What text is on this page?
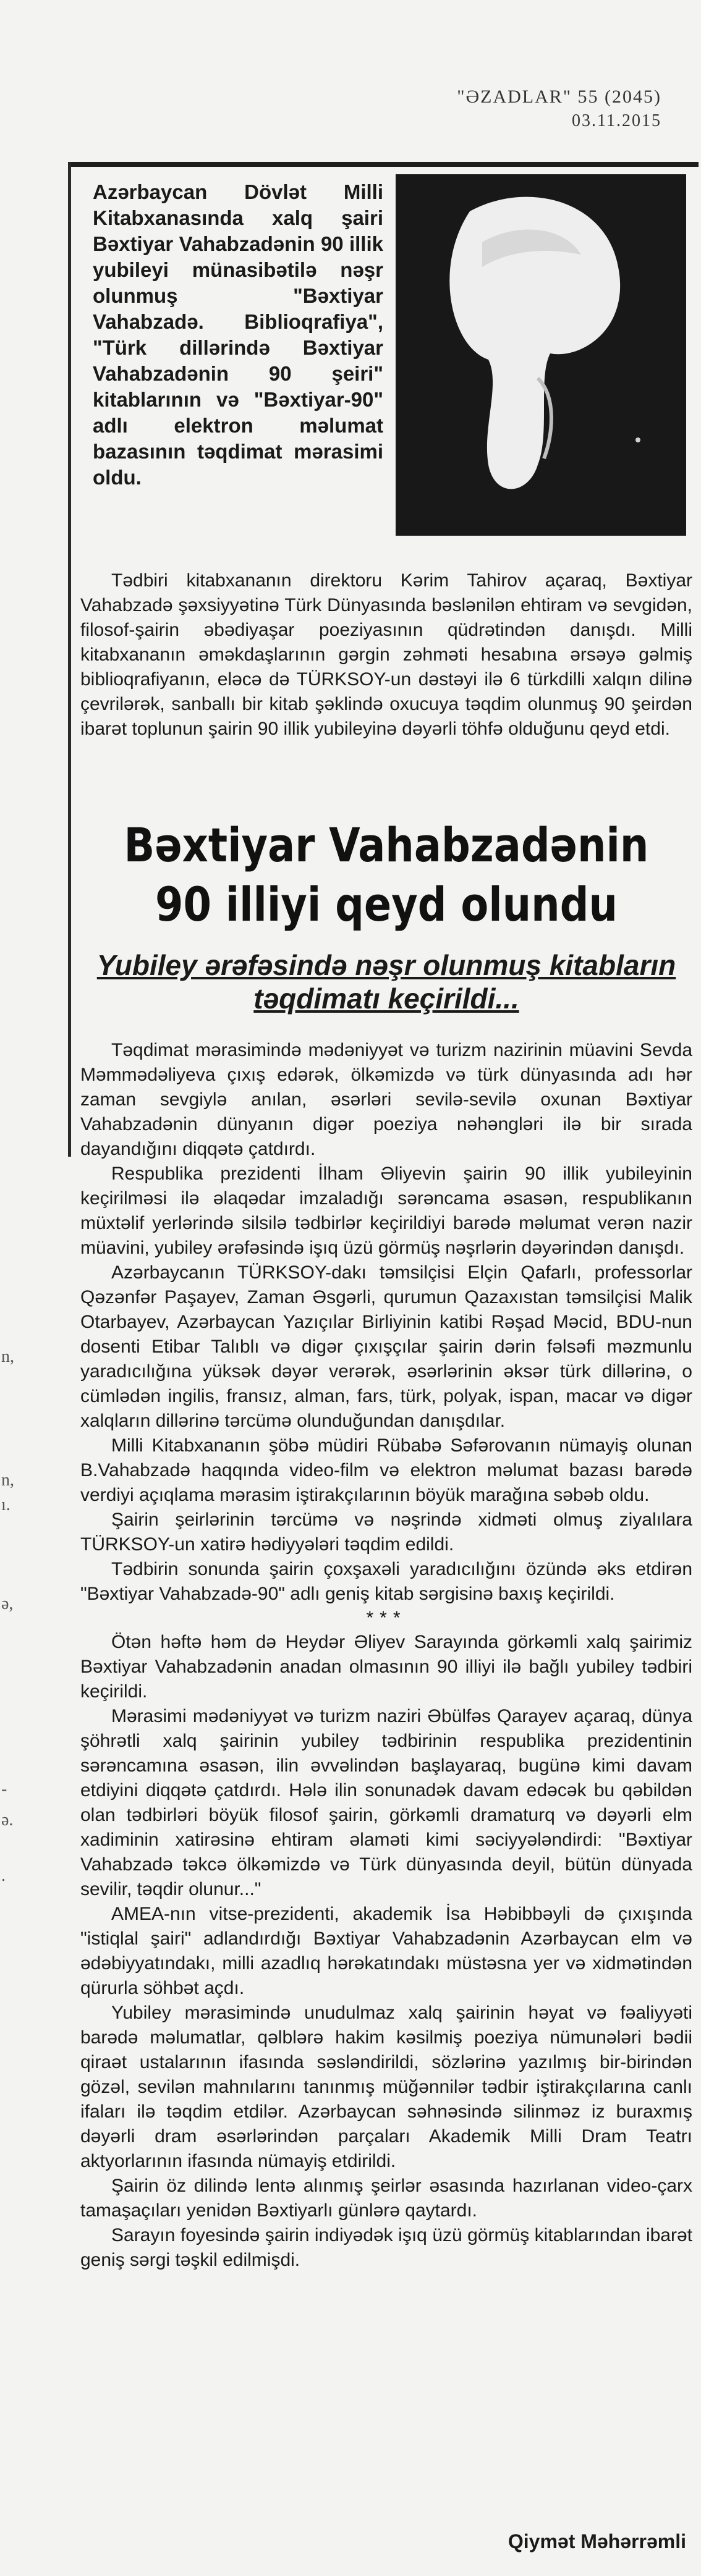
"ӘZADLAR" 55 (2045)
03.11.2015
Azərbaycan Dövlət Milli Kitabxanasında xalq şairi Bəxtiyar Vahabzadənin 90 illik yubileyi münasibətilə nəşr olunmuş "Bəxtiyar Vahabzadə. Biblioqrafiya", "Türk dillərində Bəxtiyar Vahabzadənin 90 şeiri" kitablarının və "Bəxtiyar-90" adlı elektron məlumat bazasının təqdimat mərasimi oldu.

Tədbiri kitabxananın direktoru Kərim Tahirov açaraq, Bəxtiyar Vahabzadə şəxsiyyətinə Türk Dünyasında bəslənilən ehtiram və sevgidən, filosof-şairin əbədiyaşar poeziyasının qüdrətindən danışdı. Milli kitabxananın əməkdaşlarının gərgin zəhməti hesabına ərsəyə gəlmiş biblioqrafiyanın, eləcə də TÜRKSOY-un dəstəyi ilə 6 türkdilli xalqın dilinə çevrilərək, sanballı bir kitab şəklində oxucuya təqdim olunmuş 90 şeirdən ibarət toplunun şairin 90 illik yubileyinə dəyərli töhfə olduğunu qeyd etdi.

Bəxtiyar Vahabzadənin 90 illiyi qeyd olundu
Yubiley ərəfəsində nəşr olunmuş kitabların təqdimatı keçirildi...

Təqdimat mərasimində mədəniyyət və turizm nazirinin müavini Sevda Məmmədəliyeva çıxış edərək, ölkəmizdə və türk dünyasında adı hər zaman sevgiylə anılan, əsərləri sevilə-sevilə oxunan Bəxtiyar Vahabzadənin dünyanın digər poeziya nəhəngləri ilə bir sırada dayandığını diqqətə çatdırdı.

Respublika prezidenti İlham Əliyevin şairin 90 illik yubileyinin keçirilməsi ilə əlaqədar imzaladığı sərəncama əsasən, respublikanın müxtəlif yerlərində silsilə tədbirlər keçirildiyi barədə məlumat verən nazir müavini, yubiley ərəfəsində işıq üzü görmüş nəşrlərin dəyərindən danışdı.

Azərbaycanın TÜRKSOY-dakı təmsilçisi Elçin Qafarlı, professorlar Qəzənfər Paşayev, Zaman Əsgərli, qurumun Qazaxıstan təmsilçisi Malik Otarbayev, Azərbaycan Yazıçılar Birliyinin katibi Rəşad Məcid, BDU-nun dosenti Etibar Talıblı və digər çıxışçılar şairin dərin fəlsəfi məzmunlu yaradıcılığına yüksək dəyər verərək, əsərlərinin əksər türk dillərinə, o cümlədən ingilis, fransız, alman, fars, türk, polyak, ispan, macar və digər xalqların dillərinə tərcümə olunduğundan danışdılar.

Milli Kitabxananın şöbə müdiri Rübabə Səfərovanın nümayiş olunan B.Vahabzadə haqqında video-film və elektron məlumat bazası barədə verdiyi açıqlama mərasim iştirakçılarının böyük marağına səbəb oldu.

Şairin şeirlərinin tərcümə və nəşrində xidməti olmuş ziyalılara TÜRKSOY-un xatirə hədiyyələri təqdim edildi.

Tədbirin sonunda şairin çoxşaxəli yaradıcılığını özündə əks etdirən "Bəxtiyar Vahabzadə-90" adlı geniş kitab sərgisinə baxış keçirildi.

***

Ötən həftə həm də Heydər Əliyev Sarayında görkəmli xalq şairimiz Bəxtiyar Vahabzadənin anadan olmasının 90 illiyi ilə bağlı yubiley tədbiri keçirildi.

Mərasimi mədəniyyət və turizm naziri Əbülfəs Qarayev açaraq, dünya şöhrətli xalq şairinin yubiley tədbirinin respublika prezidentinin sərəncamına əsasən, ilin əvvəlindən başlayaraq, bugünə kimi davam etdiyini diqqətə çatdırdı. Hələ ilin sonunadək davam edəcək bu qəbildən olan tədbirləri böyük filosof şairin, görkəmli dramaturq və dəyərli elm xadiminin xatirəsinə ehtiram əlaməti kimi səciyyələndirdi: "Bəxtiyar Vahabzadə təkcə ölkəmizdə və Türk dünyasında deyil, bütün dünyada sevilir, təqdir olunur..."

AMEA-nın vitse-prezidenti, akademik İsa Həbibbəyli də çıxışında "istiqlal şairi" adlandırdığı Bəxtiyar Vahabzadənin Azərbaycan elm və ədəbiyyatındakı, milli azadlıq hərəkatındakı müstəsna yer və xidmətindən qürurla söhbət açdı.

Yubiley mərasimində unudulmaz xalq şairinin həyat və fəaliyyəti barədə məlumatlar, qəlblərə hakim kəsilmiş poeziya nümunələri bədii qiraət ustalarının ifasında səsləndirildi, sözlərinə yazılmış bir-birindən gözəl, sevilən mahnılarını tanınmış müğənnilər tədbir iştirakçılarına canlı ifaları ilə təqdim etdilər. Azərbaycan səhnəsində silinməz iz buraxmış dəyərli dram əsərlərindən parçaları Akademik Milli Dram Teatrı aktyorlarının ifasında nümayiş etdirildi.

Şairin öz dilində lentə alınmış şeirlər əsasında hazırlanan video-çarx tamaşaçıları yenidən Bəxtiyarlı günlərə qaytardı.

Sarayın foyesində şairin indiyədək işıq üzü görmüş kitablarından ibarət geniş sərgi təşkil edilmişdi.

Qiymət Məhərrəmli
n,
n,
ı.
ə,
-
ə.
.
